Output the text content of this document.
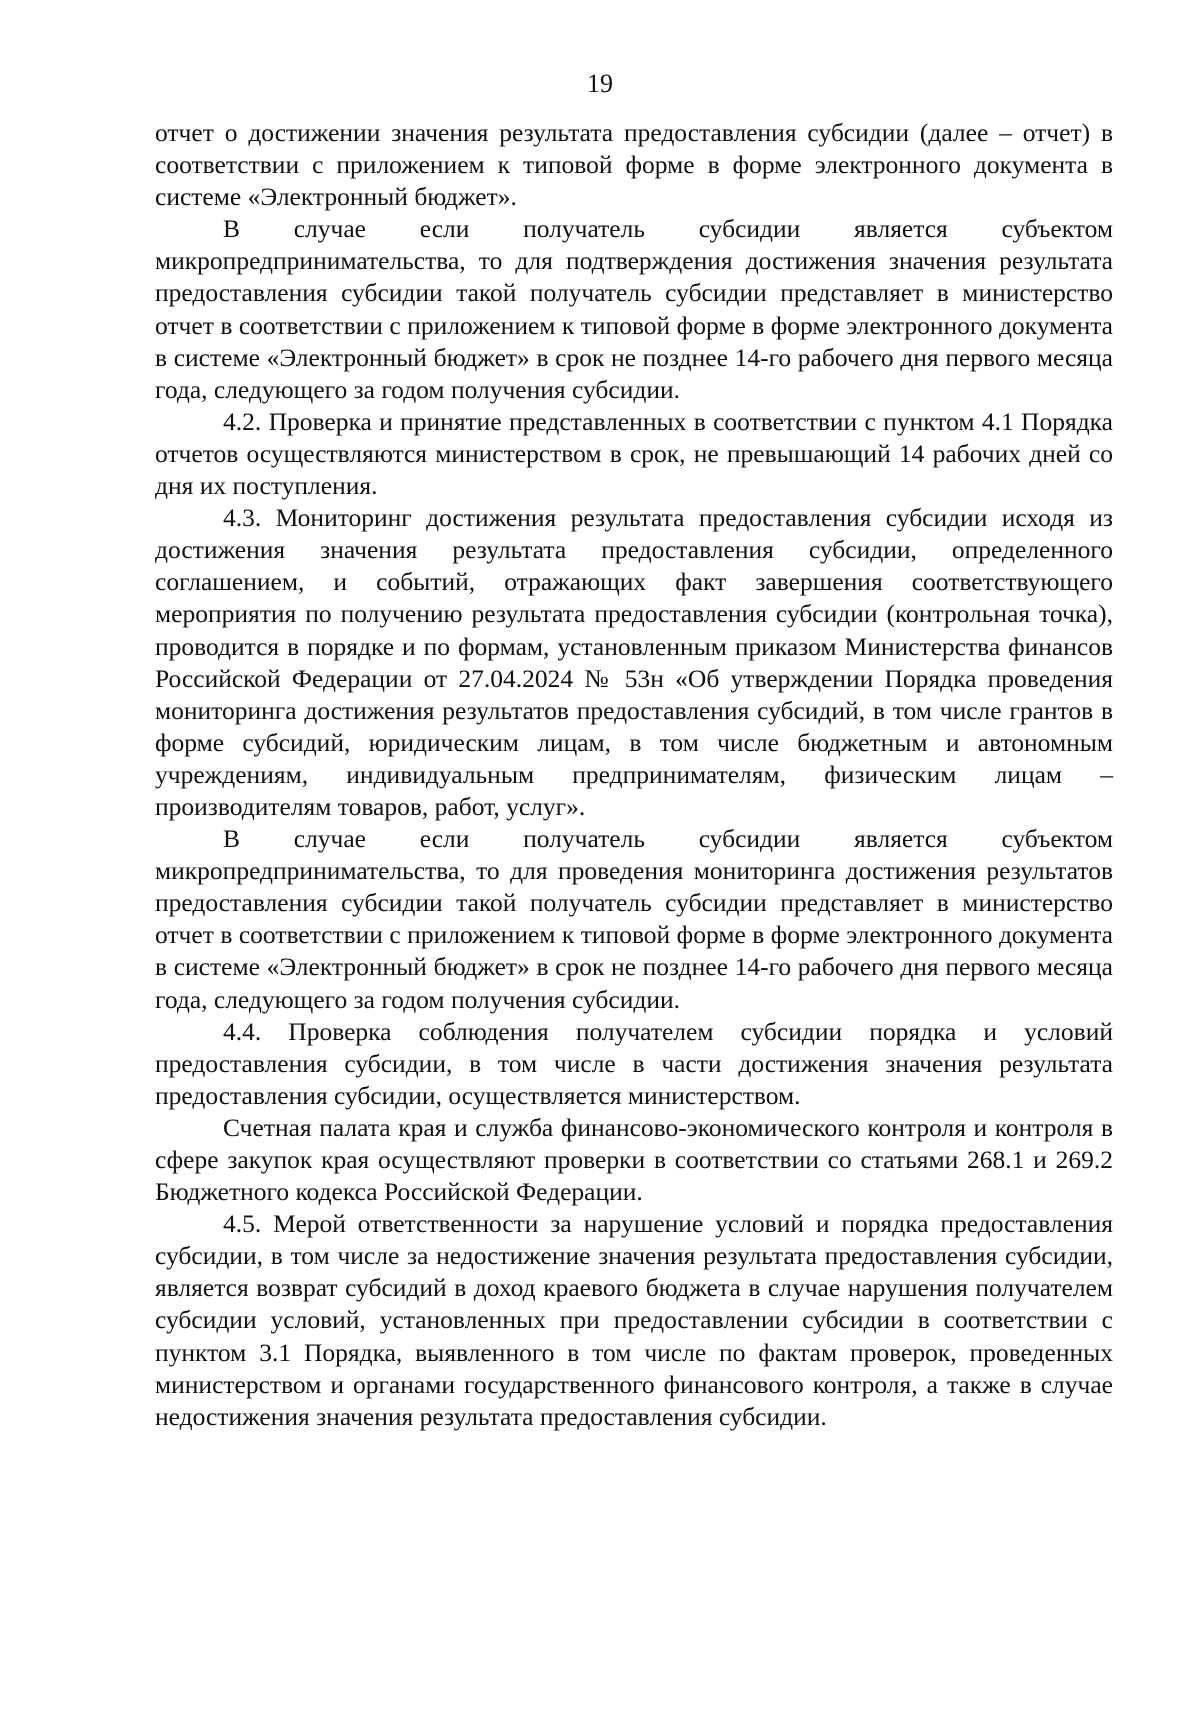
19

отчет о достижении значения результата предоставления субсидии (далее – отчет) в соответствии с приложением к типовой форме в форме электронного документа в системе «Электронный бюджет».

В случае если получатель субсидии является субъектом микропредпринимательства, то для подтверждения достижения значения результата предоставления субсидии такой получатель субсидии представляет в министерство отчет в соответствии с приложением к типовой форме в форме электронного документа в системе «Электронный бюджет» в срок не позднее 14-го рабочего дня первого месяца года, следующего за годом получения субсидии.

4.2. Проверка и принятие представленных в соответствии с пунктом 4.1 Порядка отчетов осуществляются министерством в срок, не превышающий 14 рабочих дней со дня их поступления.

4.3. Мониторинг достижения результата предоставления субсидии исходя из достижения значения результата предоставления субсидии, определенного соглашением, и событий, отражающих факт завершения соответствующего мероприятия по получению результата предоставления субсидии (контрольная точка), проводится в порядке и по формам, установленным приказом Министерства финансов Российской Федерации от 27.04.2024 № 53н «Об утверждении Порядка проведения мониторинга достижения результатов предоставления субсидий, в том числе грантов в форме субсидий, юридическим лицам, в том числе бюджетным и автономным учреждениям, индивидуальным предпринимателям, физическим лицам – производителям товаров, работ, услуг».

В случае если получатель субсидии является субъектом микропредпринимательства, то для проведения мониторинга достижения результатов предоставления субсидии такой получатель субсидии представляет в министерство отчет в соответствии с приложением к типовой форме в форме электронного документа в системе «Электронный бюджет» в срок не позднее 14-го рабочего дня первого месяца года, следующего за годом получения субсидии.

4.4. Проверка соблюдения получателем субсидии порядка и условий предоставления субсидии, в том числе в части достижения значения результата предоставления субсидии, осуществляется министерством.

Счетная палата края и служба финансово-экономического контроля и контроля в сфере закупок края осуществляют проверки в соответствии со статьями 268.1 и 269.2 Бюджетного кодекса Российской Федерации.

4.5. Мерой ответственности за нарушение условий и порядка предоставления субсидии, в том числе за недостижение значения результата предоставления субсидии, является возврат субсидий в доход краевого бюджета в случае нарушения получателем субсидии условий, установленных при предоставлении субсидии в соответствии с пунктом 3.1 Порядка, выявленного в том числе по фактам проверок, проведенных министерством и органами государственного финансового контроля, а также в случае недостижения значения результата предоставления субсидии.
